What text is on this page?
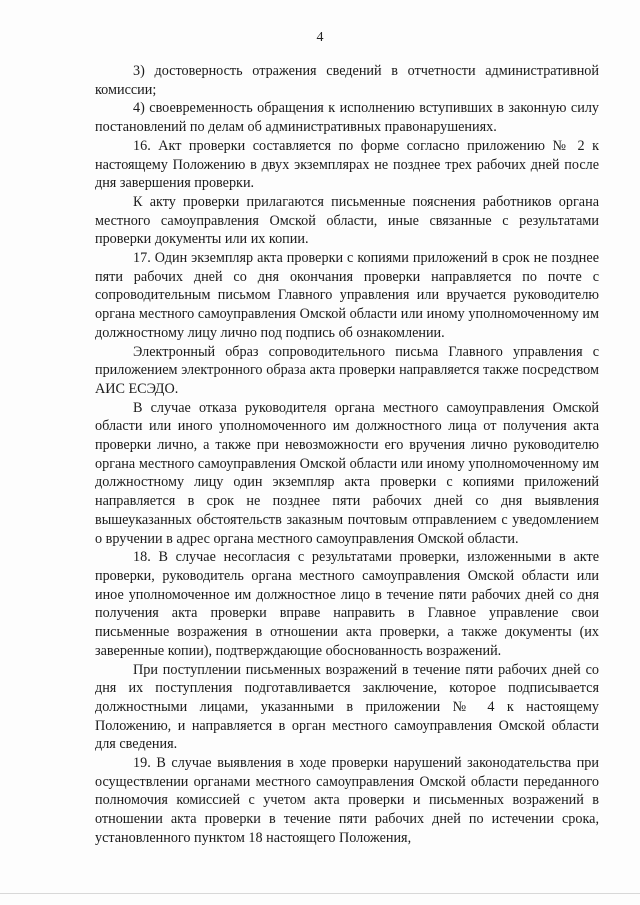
4

3) достоверность отражения сведений в отчетности административной комиссии;

4) своевременность обращения к исполнению вступивших в законную силу постановлений по делам об административных правонарушениях.

16. Акт проверки составляется по форме согласно приложению № 2 к настоящему Положению в двух экземплярах не позднее трех рабочих дней после дня завершения проверки.

К акту проверки прилагаются письменные пояснения работников органа местного самоуправления Омской области, иные связанные с результатами проверки документы или их копии.

17. Один экземпляр акта проверки с копиями приложений в срок не позднее пяти рабочих дней со дня окончания проверки направляется по почте с сопроводительным письмом Главного управления или вручается руководителю органа местного самоуправления Омской области или иному уполномоченному им должностному лицу лично под подпись об ознакомлении.

Электронный образ сопроводительного письма Главного управления с приложением электронного образа акта проверки направляется также посредством АИС ЕСЭДО.

В случае отказа руководителя органа местного самоуправления Омской области или иного уполномоченного им должностного лица от получения акта проверки лично, а также при невозможности его вручения лично руководителю органа местного самоуправления Омской области или иному уполномоченному им должностному лицу один экземпляр акта проверки с копиями приложений направляется в срок не позднее пяти рабочих дней со дня выявления вышеуказанных обстоятельств заказным почтовым отправлением с уведомлением о вручении в адрес органа местного самоуправления Омской области.

18. В случае несогласия с результатами проверки, изложенными в акте проверки, руководитель органа местного самоуправления Омской области или иное уполномоченное им должностное лицо в течение пяти рабочих дней со дня получения акта проверки вправе направить в Главное управление свои письменные возражения в отношении акта проверки, а также документы (их заверенные копии), подтверждающие обоснованность возражений.

При поступлении письменных возражений в течение пяти рабочих дней со дня их поступления подготавливается заключение, которое подписывается должностными лицами, указанными в приложении № 4 к настоящему Положению, и направляется в орган местного самоуправления Омской области для сведения.

19. В случае выявления в ходе проверки нарушений законодательства при осуществлении органами местного самоуправления Омской области переданного полномочия комиссией с учетом акта проверки и письменных возражений в отношении акта проверки в течение пяти рабочих дней по истечении срока, установленного пунктом 18 настоящего Положения,
